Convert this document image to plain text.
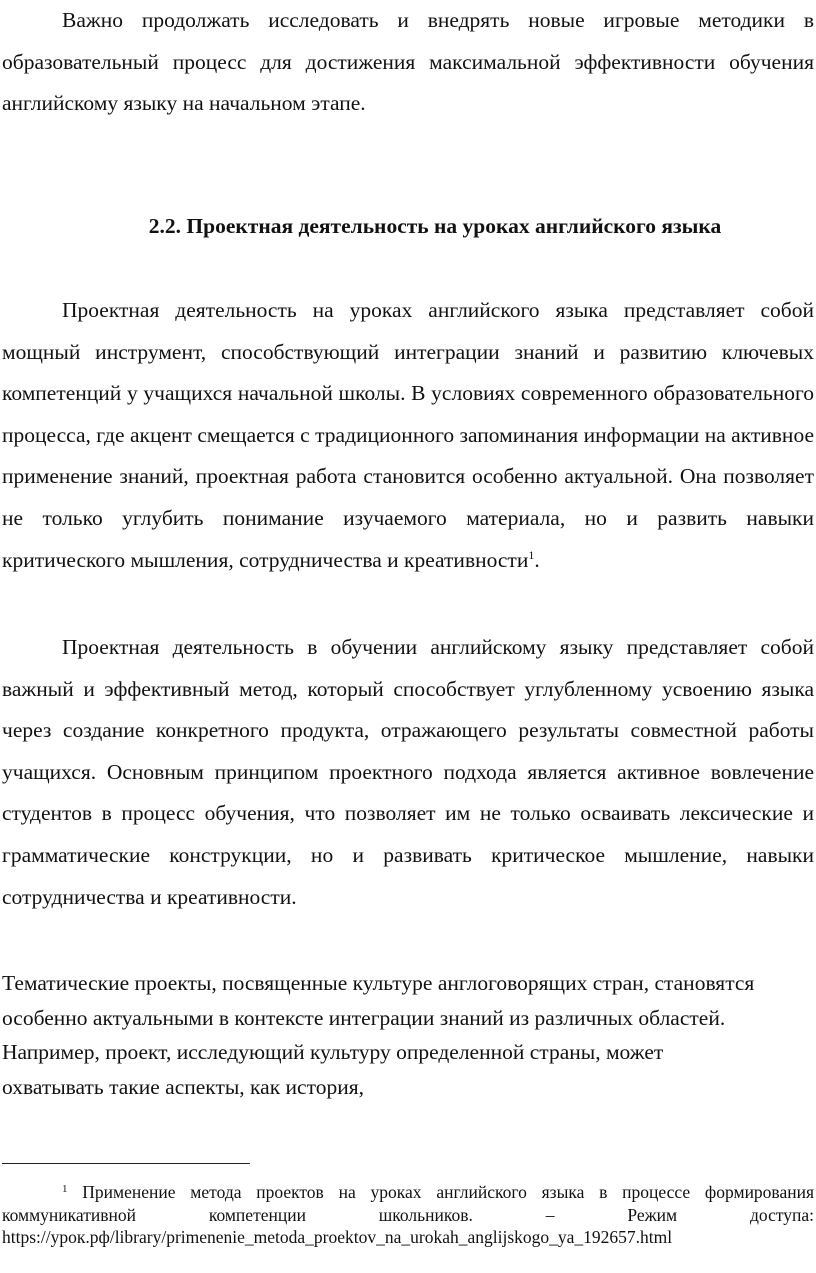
Важно продолжать исследовать и внедрять новые игровые методики в образовательный процесс для достижения максимальной эффективности обучения английскому языку на начальном этапе.

2.2. Проектная деятельность на уроках английского языка

Проектная деятельность на уроках английского языка представляет собой мощный инструмент, способствующий интеграции знаний и развитию ключевых компетенций у учащихся начальной школы. В условиях современного образовательного процесса, где акцент смещается с традиционного запоминания информации на активное применение знаний, проектная работа становится особенно актуальной. Она позволяет не только углубить понимание изучаемого материала, но и развить навыки критического мышления, сотрудничества и креативности$^1$.

Проектная деятельность в обучении английскому языку представляет собой важный и эффективный метод, который способствует углубленному усвоению языка через создание конкретного продукта, отражающего результаты совместной работы учащихся. Основным принципом проектного подхода является активное вовлечение студентов в процесс обучения, что позволяет им не только осваивать лексические и грамматические конструкции, но и развивать критическое мышление, навыки сотрудничества и креативности.

Тематические проекты, посвященные культуре англоговорящих стран, становятся особенно актуальными в контексте интеграции знаний из различных областей. Например, проект, исследующий культуру определенной страны, может охватывать такие аспекты, как история,

$^1$ Применение метода проектов на уроках английского языка в процессе формирования коммуникативной компетенции школьников. – Режим доступа: https://урок.рф/library/primenenie_metoda_proektov_na_urokah_anglijskogo_ya_192657.html
